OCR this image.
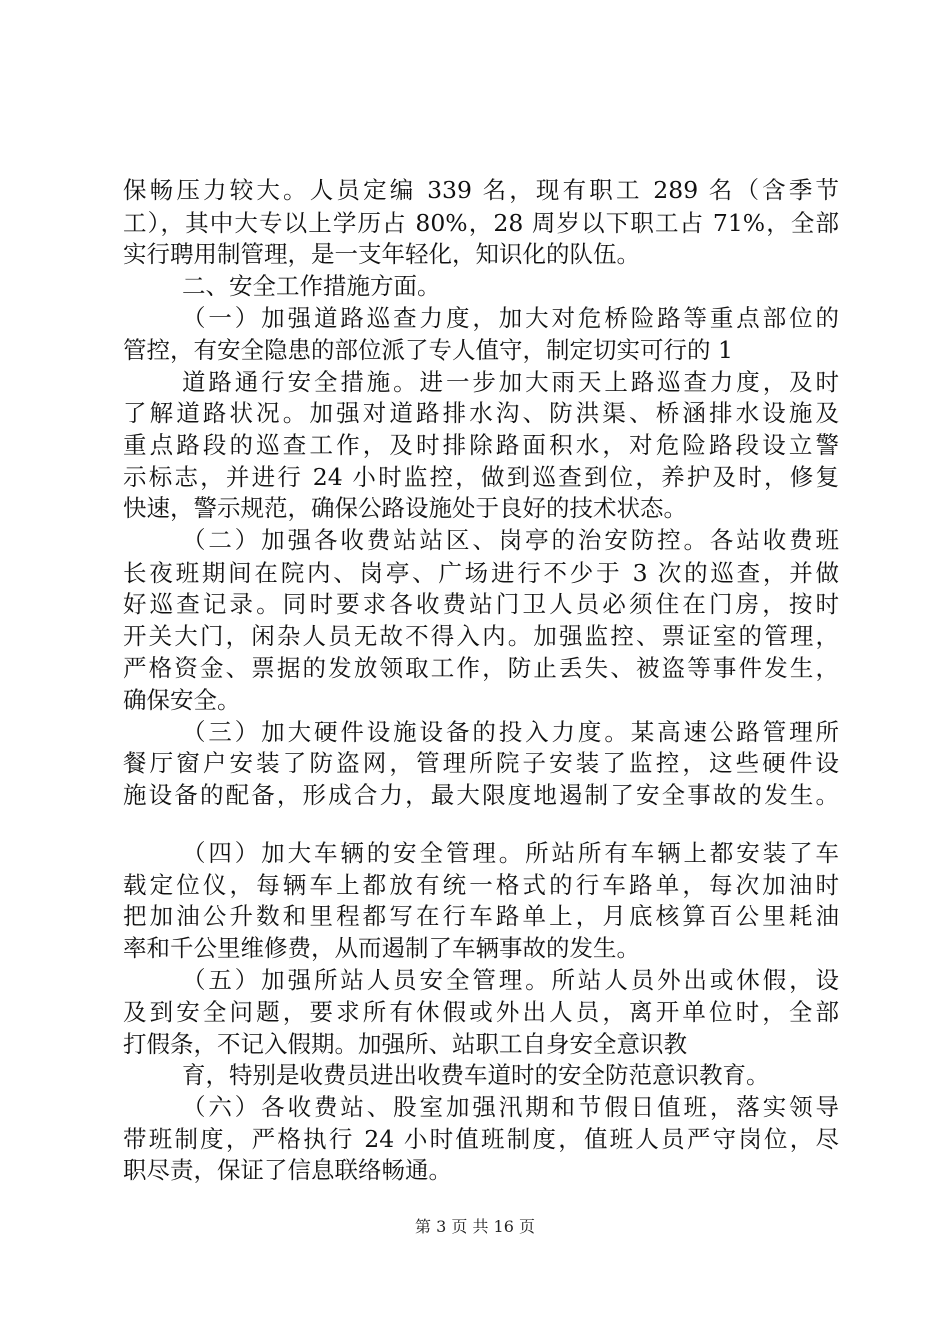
保畅压力较大。人员定编 339 名，现有职工 289 名（含季节
工），其中大专以上学历占 80%，28 周岁以下职工占 71%，全部
实行聘用制管理，是一支年轻化，知识化的队伍。
二、安全工作措施方面。
（一）加强道路巡查力度，加大对危桥险路等重点部位的
管控，有安全隐患的部位派了专人值守，制定切实可行的 1
道路通行安全措施。进一步加大雨天上路巡查力度，及时
了解道路状况。加强对道路排水沟、防洪渠、桥涵排水设施及
重点路段的巡查工作，及时排除路面积水，对危险路段设立警
示标志，并进行 24 小时监控，做到巡查到位，养护及时，修复
快速，警示规范，确保公路设施处于良好的技术状态。
（二）加强各收费站站区、岗亭的治安防控。各站收费班
长夜班期间在院内、岗亭、广场进行不少于 3 次的巡查，并做
好巡查记录。同时要求各收费站门卫人员必须住在门房，按时
开关大门，闲杂人员无故不得入内。加强监控、票证室的管理，
严格资金、票据的发放领取工作，防止丢失、被盗等事件发生，
确保安全。
（三）加大硬件设施设备的投入力度。某高速公路管理所
餐厅窗户安装了防盗网，管理所院子安装了监控，这些硬件设
施设备的配备，形成合力，最大限度地遏制了安全事故的发生。
（四）加大车辆的安全管理。所站所有车辆上都安装了车
载定位仪，每辆车上都放有统一格式的行车路单，每次加油时
把加油公升数和里程都写在行车路单上，月底核算百公里耗油
率和千公里维修费，从而遏制了车辆事故的发生。
（五）加强所站人员安全管理。所站人员外出或休假，设
及到安全问题，要求所有休假或外出人员，离开单位时，全部
打假条，不记入假期。加强所、站职工自身安全意识教
育，特别是收费员进出收费车道时的安全防范意识教育。
（六）各收费站、股室加强汛期和节假日值班，落实领导
带班制度，严格执行 24 小时值班制度，值班人员严守岗位，尽
职尽责，保证了信息联络畅通。
第 3 页 共 16 页
